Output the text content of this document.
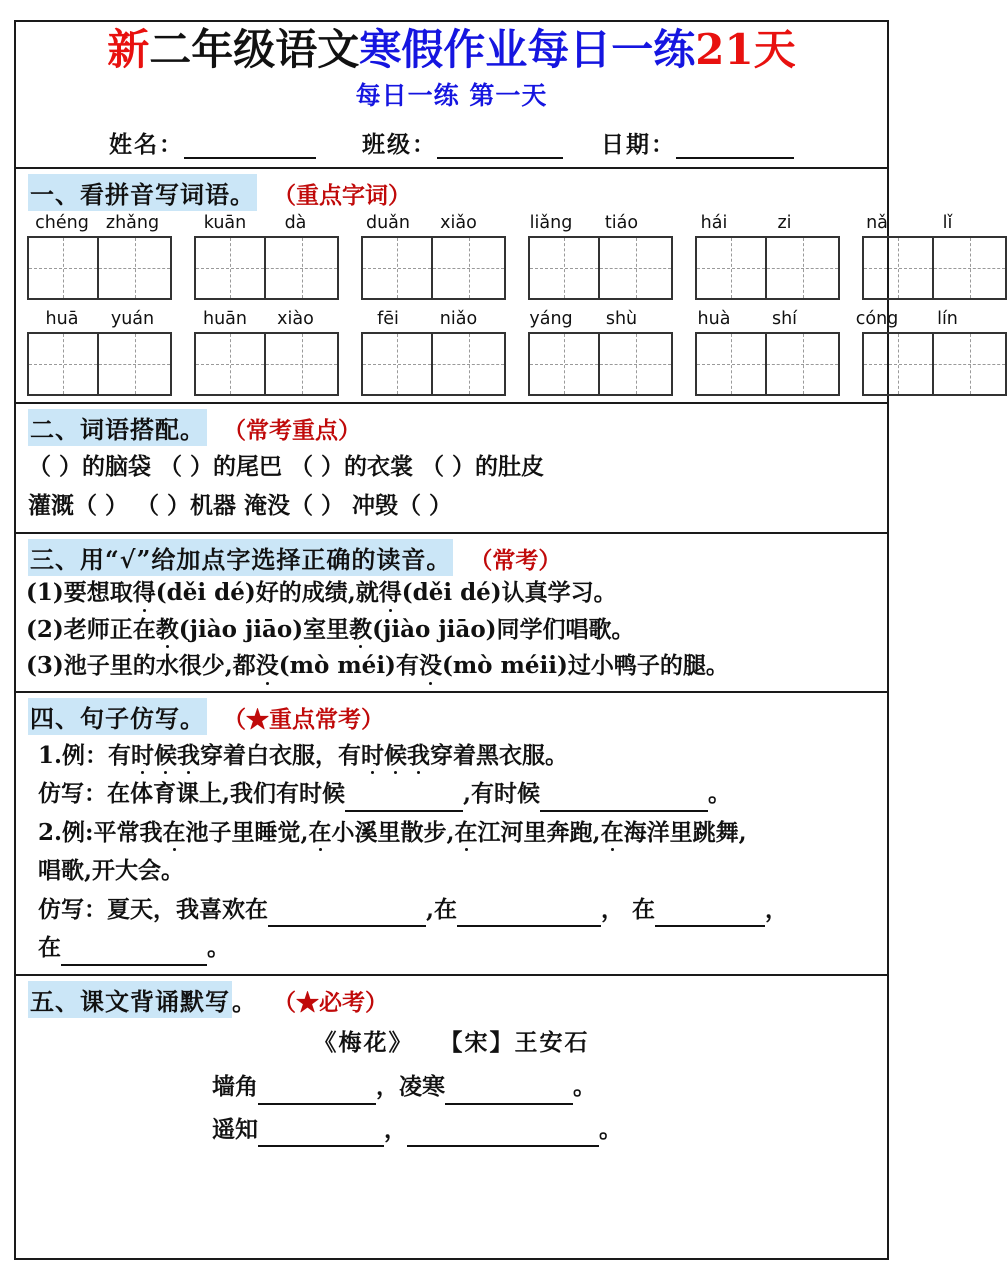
新二年级语文寒假作业每日一练21天
每日一练 第一天
姓名：	班级：	日期：
一、看拼音写词语。 （重点字词）
chéng zhǎng	kuān	dà	duǎn	xiǎo	liǎng	tiáo	hái	zi	nǎ	lǐ
huā	yuán	huān	xiào	fēi	niǎo	yáng	shù	huà	shí	cóng	lín
二、词语搭配。 （常考重点）
（ ）的脑袋 （ ）的尾巴 （ ）的衣裳 （ ）的肚皮
灌溉（ ） （ ）机器 淹没（ ） 冲毁（ ）
三、用“√”给加点字选择正确的读音。 （常考）
(1)要想取得(děi dé)好的成绩,就得(děi dé)认真学习。
(2)老师正在教(jiào jiāo)室里教(jiào jiāo)同学们唱歌。
(3)池子里的水很少,都没(mò méi)有没(mò méii)过小鸭子的腿。
四、句子仿写。 （★重点常考）
1.例：有时候我穿着白衣服，有时候我穿着黑衣服。
仿写：在体育课上,我们有时候	,有时候	。
2.例:平常我在池子里睡觉,在小溪里散步,在江河里奔跑,在海洋里跳舞,
唱歌,开大会。
仿写：夏天，我喜欢在	,在	， 在	，
在	。
五、课文背诵默写 。 （★必考）
《梅花》 【宋】王安石
墙角	，凌寒	。
遥知	，	。
